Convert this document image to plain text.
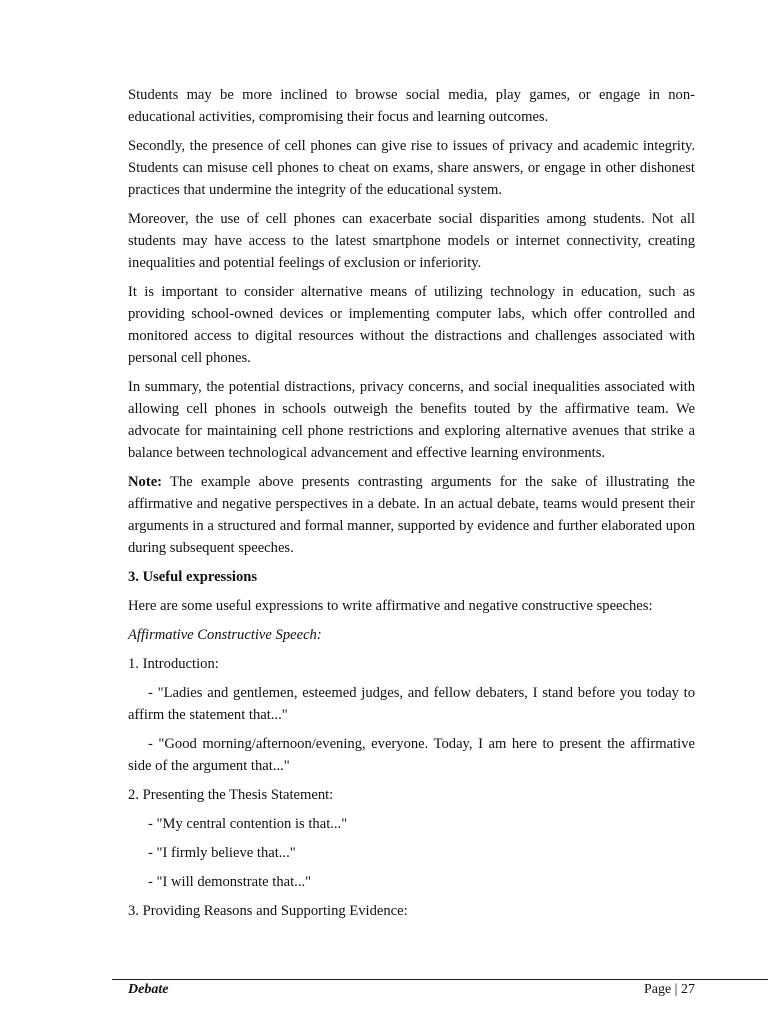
Students may be more inclined to browse social media, play games, or engage in non-educational activities, compromising their focus and learning outcomes.

Secondly, the presence of cell phones can give rise to issues of privacy and academic integrity. Students can misuse cell phones to cheat on exams, share answers, or engage in other dishonest practices that undermine the integrity of the educational system.

Moreover, the use of cell phones can exacerbate social disparities among students. Not all students may have access to the latest smartphone models or internet connectivity, creating inequalities and potential feelings of exclusion or inferiority.

It is important to consider alternative means of utilizing technology in education, such as providing school-owned devices or implementing computer labs, which offer controlled and monitored access to digital resources without the distractions and challenges associated with personal cell phones.

In summary, the potential distractions, privacy concerns, and social inequalities associated with allowing cell phones in schools outweigh the benefits touted by the affirmative team. We advocate for maintaining cell phone restrictions and exploring alternative avenues that strike a balance between technological advancement and effective learning environments.

Note: The example above presents contrasting arguments for the sake of illustrating the affirmative and negative perspectives in a debate. In an actual debate, teams would present their arguments in a structured and formal manner, supported by evidence and further elaborated upon during subsequent speeches.

3. Useful expressions

Here are some useful expressions to write affirmative and negative constructive speeches:

Affirmative Constructive Speech:

1. Introduction:

- "Ladies and gentlemen, esteemed judges, and fellow debaters, I stand before you today to affirm the statement that..."

- "Good morning/afternoon/evening, everyone. Today, I am here to present the affirmative side of the argument that..."

2. Presenting the Thesis Statement:

- "My central contention is that..."

- "I firmly believe that..."

- "I will demonstrate that..."

3. Providing Reasons and Supporting Evidence:

Debate	Page | 27
